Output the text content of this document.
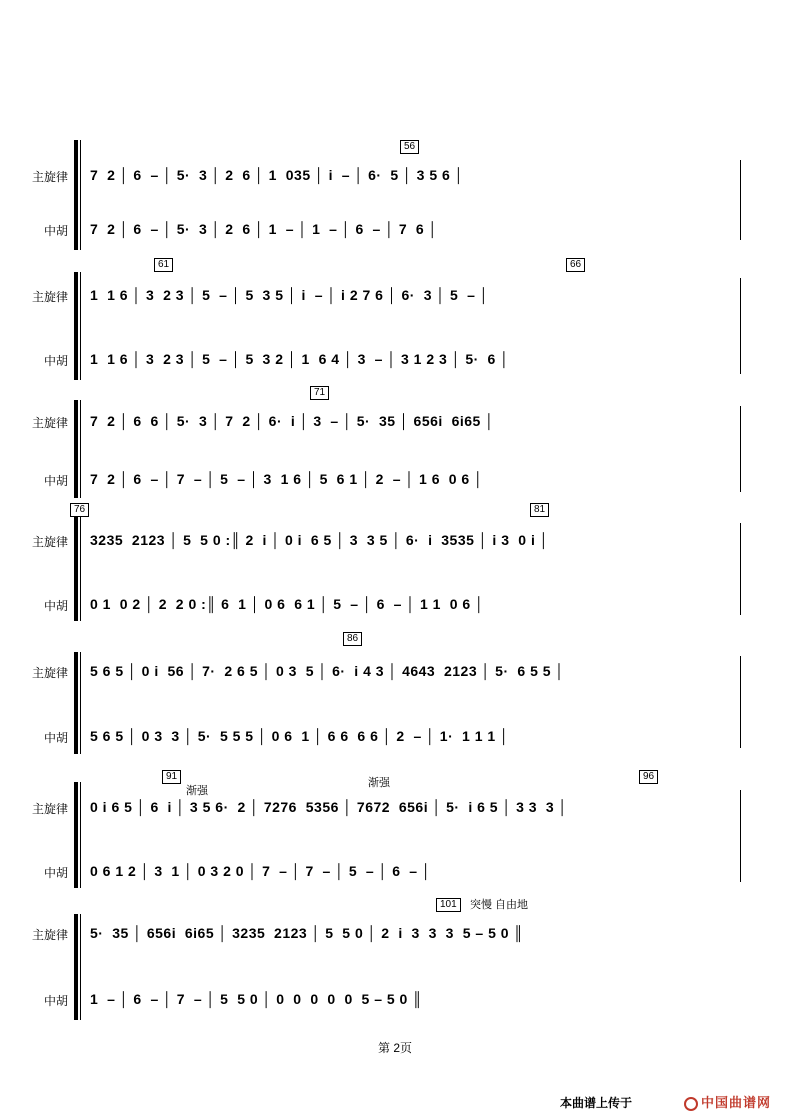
56
主旋律 7  2 │ 6  – │ 5·  3 │ 2  6 │ 1  035 │ i  – │ 6·  5 │ 3 5 6 │
中胡 7  2 │ 6  – │ 5·  3 │ 2  6 │ 1  – │ 1  – │ 6  – │ 7  6 │
61	66
主旋律 1  1 6 │ 3  2 3 │ 5  – │ 5  3 5 │ i  – │ i 2 7 6 │ 6·  3 │ 5  – │
中胡 1  1 6 │ 3  2 3 │ 5  – │ 5  3 2 │ 1  6 4 │ 3  – │ 3 1 2 3 │ 5·  6 │
71
主旋律 7  2 │ 6  6 │ 5·  3 │ 7  2 │ 6·  i │ 3  – │ 5·  35 │ 656i  6i65 │
中胡 7  2 │ 6  – │ 7  – │ 5  – │ 3  1 6 │ 5  6 1 │ 2  – │ 1 6  0 6 │
76	81
主旋律 3235  2123 │ 5  5 0 :║ 2  i │ 0 i  6 5 │ 3  3 5 │ 6·  i  3535 │ i 3  0 i │
中胡 0 1  0 2 │ 2  2 0 :║ 6  1 │ 0 6  6 1 │ 5  – │ 6  – │ 1 1  0 6 │
86
主旋律 5 6 5 │ 0 i  56 │ 7·  2 6 5 │ 0 3  5 │ 6·  i 4 3 │ 4643  2123 │ 5·  6 5 5 │
中胡 5 6 5 │ 0 3  3 │ 5·  5 5 5 │ 0 6  1 │ 6 6  6 6 │ 2  – │ 1·  1 1 1 │
91	96
渐强
渐强
主旋律 0 i 6 5 │ 6  i │ 3 5 6·  2 │ 7276  5356 │ 7672  656i │ 5·  i 6 5 │ 3 3  3 │
中胡 0 6 1 2 │ 3  1 │ 0 3 2 0 │ 7  – │ 7  – │ 5  – │ 6  – │
101	突慢 自由地
主旋律 5·  35 │ 656i  6i65 │ 3235  2123 │ 5  5 0 │ 2  i  3  3  3  5 – 5 0 ║
中胡 1  – │ 6  – │ 7  – │ 5  5 0 │ 0  0  0  0  0  5 – 5 0 ║
第 2页
本曲谱上传于	中国曲谱网
